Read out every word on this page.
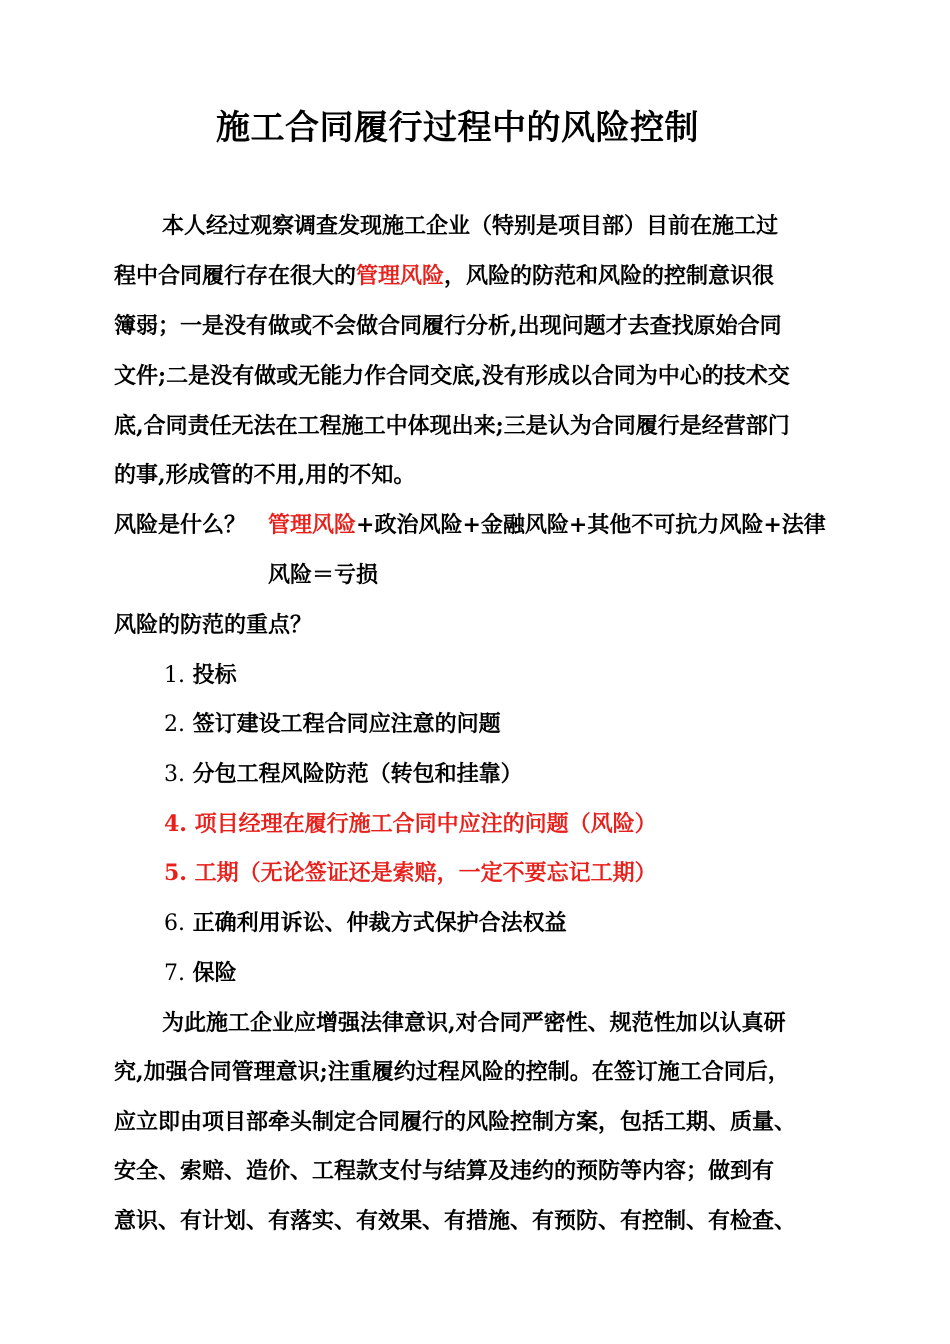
施工合同履行过程中的风险控制
本人经过观察调查发现施工企业（特别是项目部）目前在施工过
程中合同履行存在很大的管理风险，风险的防范和风险的控制意识很
簿弱；一是没有做或不会做合同履行分析,出现问题才去查找原始合同
文件;二是没有做或无能力作合同交底,没有形成以合同为中心的技术交
底,合同责任无法在工程施工中体现出来;三是认为合同履行是经营部门
的事,形成管的不用,用的不知。
风险是什么？ 管理风险+政治风险+金融风险+其他不可抗力风险+法律
风险＝亏损
风险的防范的重点？
1. 投标
2. 签订建设工程合同应注意的问题
3. 分包工程风险防范（转包和挂靠）
4. 项目经理在履行施工合同中应注的问题（风险）
5. 工期（无论签证还是索赔，一定不要忘记工期）
6. 正确利用诉讼、仲裁方式保护合法权益
7. 保险
为此施工企业应增强法律意识,对合同严密性、规范性加以认真研
究,加强合同管理意识;注重履约过程风险的控制。在签订施工合同后，
应立即由项目部牵头制定合同履行的风险控制方案，包括工期、质量、
安全、索赔、造价、工程款支付与结算及违约的预防等内容；做到有
意识、有计划、有落实、有效果、有措施、有预防、有控制、有检查、
